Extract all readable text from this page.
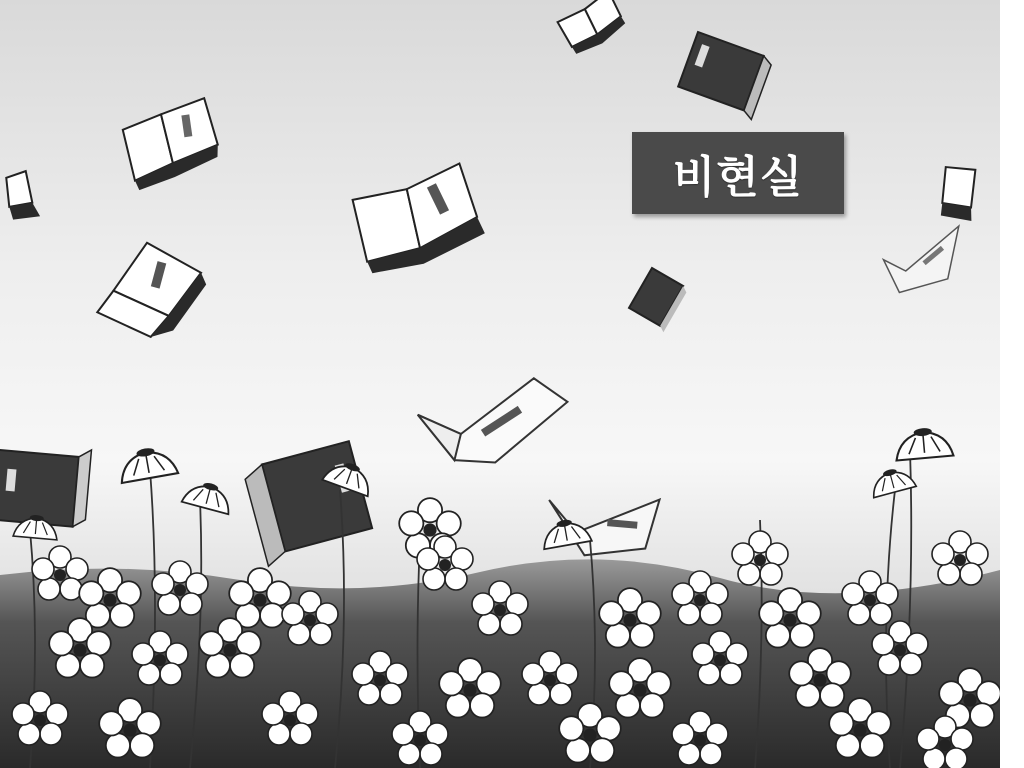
비현실
